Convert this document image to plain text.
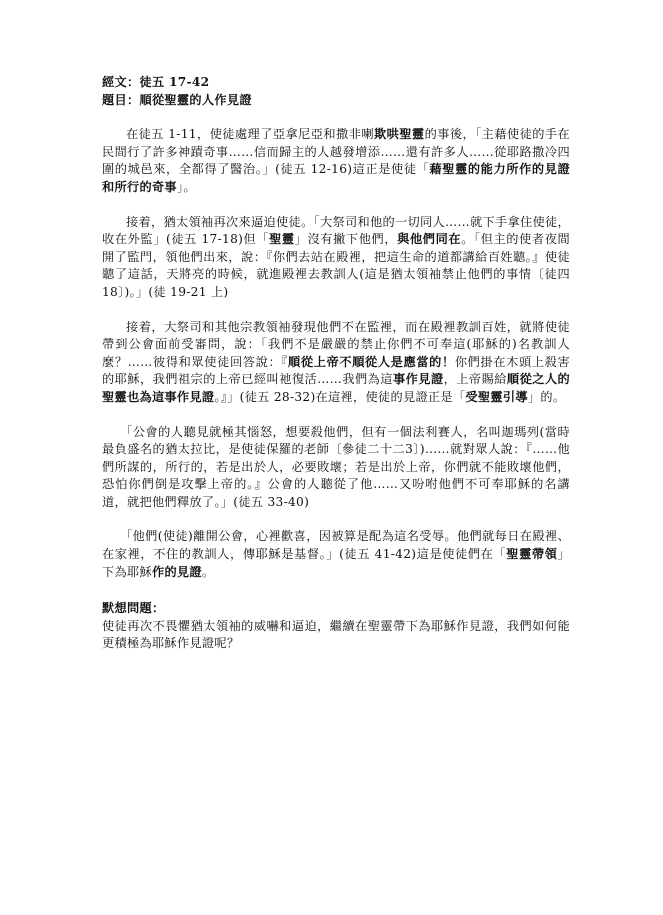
經文：徒五 17-42
題目：順從聖靈的人作見證

在徒五 1-11，使徒處理了亞拿尼亞和撒非喇欺哄聖靈的事後，「主藉使徒的手在民間行了許多神蹟奇事……信而歸主的人越發增添……還有許多人……從耶路撒冷四圍的城邑來，全都得了醫治。」(徒五 12-16)這正是使徒「藉聖靈的能力所作的見證和所行的奇事」。

接着，猶太領袖再次來逼迫使徒。「大祭司和他的一切同人……就下手拿住使徒，收在外監」(徒五 17-18)但「聖靈」沒有撇下他們，與他們同在。「但主的使者夜間開了監門，領他們出來，說：『你們去站在殿裡，把這生命的道都講給百姓聽。』使徒聽了這話，天將亮的時候，就進殿裡去教訓人(這是猶太領袖禁止他們的事情〔徒四 18〕)。」(徒 19-21 上)

接着，大祭司和其他宗教領袖發現他們不在監裡，而在殿裡教訓百姓，就將使徒帶到公會面前受審問，說：「我們不是嚴嚴的禁止你們不可奉這(耶穌的)名教訓人麼？……彼得和眾使徒回答說：『順從上帝不順從人是應當的！你們掛在木頭上殺害的耶穌，我們祖宗的上帝已經叫祂復活……我們為這事作見證，上帝賜給順從之人的聖靈也為這事作見證。』」(徒五 28-32)在這裡，使徒的見證正是「受聖靈引導」的。

「公會的人聽見就極其惱怒，想要殺他們，但有一個法利賽人，名叫迦瑪列(當時最負盛名的猶太拉比，是使徒保羅的老師〔參徒二十二3〕)……就對眾人說：『……他們所謀的，所行的，若是出於人，必要敗壞；若是出於上帝，你們就不能敗壞他們，恐怕你們倒是攻擊上帝的。』公會的人聽從了他……又吩咐他們不可奉耶穌的名講道，就把他們釋放了。」(徒五 33-40)

「他們(使徒)離開公會，心裡歡喜，因被算是配為這名受辱。他們就每日在殿裡、在家裡，不住的教訓人，傳耶穌是基督。」(徒五 41-42)這是使徒們在「聖靈帶領」下為耶穌作的見證。

默想問題：

使徒再次不畏懼猶太領袖的威嚇和逼迫，繼續在聖靈帶下為耶穌作見證，我們如何能更積極為耶穌作見證呢？
